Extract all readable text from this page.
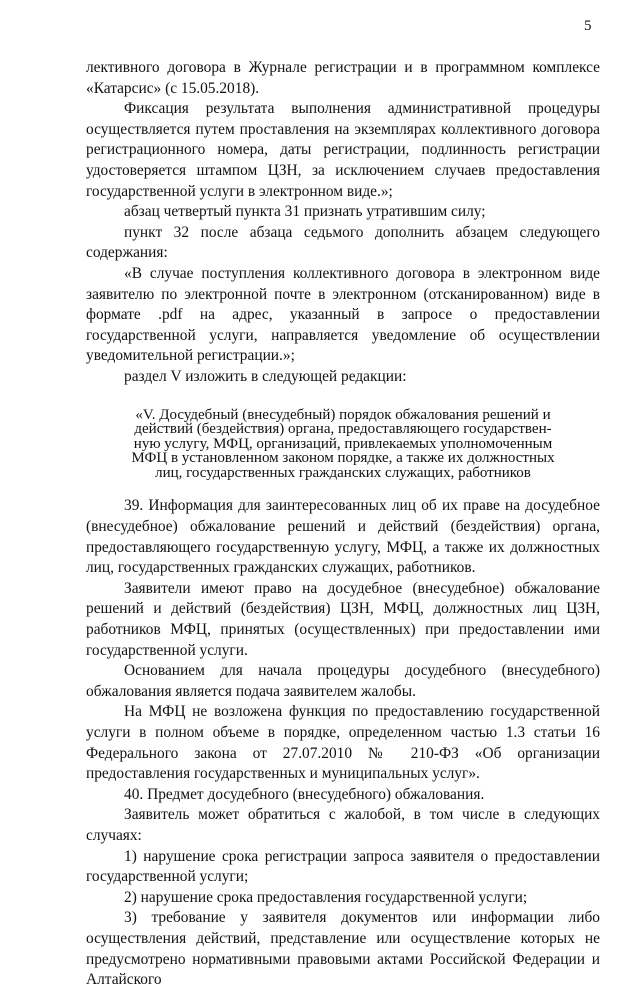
5

лективного договора в Журнале регистрации и в программном комплексе «Катарсис» (с 15.05.2018).

Фиксация результата выполнения административной процедуры осуществляется путем проставления на экземплярах коллективного договора регистрационного номера, даты регистрации, подлинность регистрации удостоверяется штампом ЦЗН, за исключением случаев предоставления государственной услуги в электронном виде.»;

абзац четвертый пункта 31 признать утратившим силу;

пункт 32 после абзаца седьмого дополнить абзацем следующего содержания:

«В случае поступления коллективного договора в электронном виде заявителю по электронной почте в электронном (отсканированном) виде в формате .pdf на адрес, указанный в запросе о предоставлении государственной услуги, направляется уведомление об осуществлении уведомительной регистрации.»;

раздел V изложить в следующей редакции:

«V. Досудебный (внесудебный) порядок обжалования решений и
действий (бездействия) органа, предоставляющего государствен-
ную услугу, МФЦ, организаций, привлекаемых уполномоченным
МФЦ в установленном законом порядке, а также их должностных
лиц, государственных гражданских служащих, работников

39. Информация для заинтересованных лиц об их праве на досудебное (внесудебное) обжалование решений и действий (бездействия) органа, предоставляющего государственную услугу, МФЦ, а также их должностных лиц, государственных гражданских служащих, работников.

Заявители имеют право на досудебное (внесудебное) обжалование решений и действий (бездействия) ЦЗН, МФЦ, должностных лиц ЦЗН, работников МФЦ, принятых (осуществленных) при предоставлении ими государственной услуги.

Основанием для начала процедуры досудебного (внесудебного) обжалования является подача заявителем жалобы.

На МФЦ не возложена функция по предоставлению государственной услуги в полном объеме в порядке, определенном частью 1.3 статьи 16 Федерального закона от 27.07.2010 № 210-ФЗ «Об организации предоставления государственных и муниципальных услуг».

40. Предмет досудебного (внесудебного) обжалования.

Заявитель может обратиться с жалобой, в том числе в следующих случаях:

1) нарушение срока регистрации запроса заявителя о предоставлении государственной услуги;

2) нарушение срока предоставления государственной услуги;

3) требование у заявителя документов или информации либо осуществления действий, представление или осуществление которых не предусмотрено нормативными правовыми актами Российской Федерации и Алтайского
